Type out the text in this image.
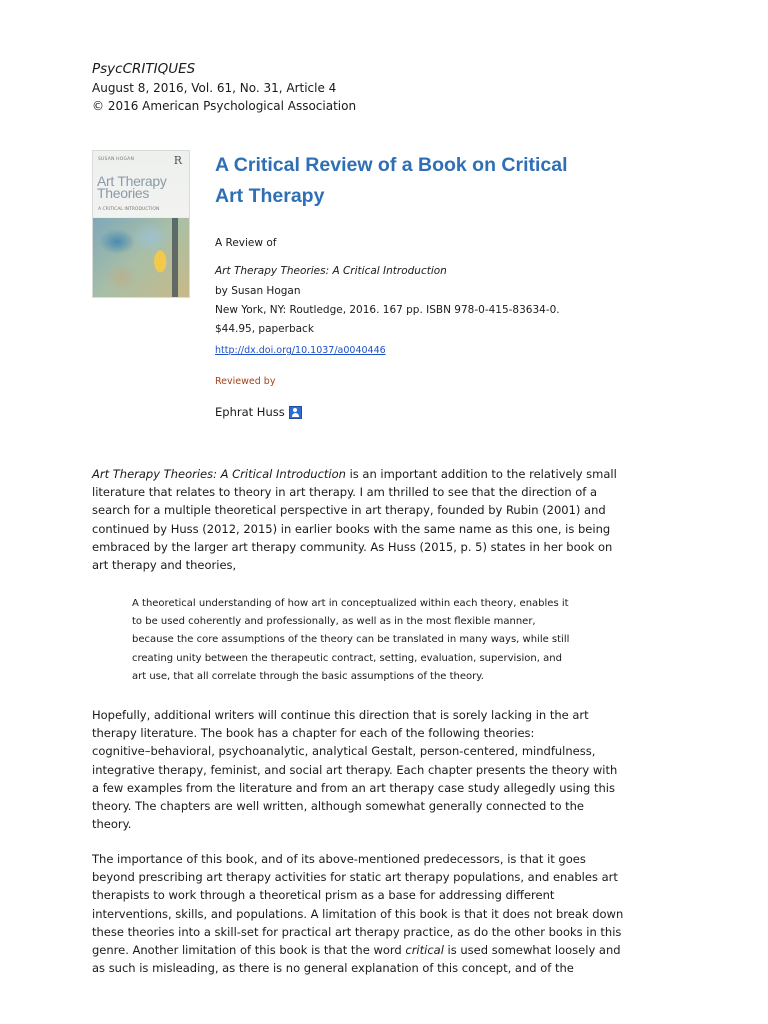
PsycCRITIQUES
August 8, 2016, Vol. 61, No. 31, Article 4
© 2016 American Psychological Association
SUSAN HOGAN	R
Art Therapy
Theories
A CRITICAL INTRODUCTION
A Critical Review of a Book on Critical
Art Therapy
A Review of
Art Therapy Theories: A Critical Introduction
by Susan Hogan
New York, NY: Routledge, 2016. 167 pp. ISBN 978-0-415-83634-0.
$44.95, paperback
http://dx.doi.org/10.1037/a0040446
Reviewed by
Ephrat Huss
Art Therapy Theories: A Critical Introduction is an important addition to the relatively small
literature that relates to theory in art therapy. I am thrilled to see that the direction of a
search for a multiple theoretical perspective in art therapy, founded by Rubin (2001) and
continued by Huss (2012, 2015) in earlier books with the same name as this one, is being
embraced by the larger art therapy community. As Huss (2015, p. 5) states in her book on
art therapy and theories,
A theoretical understanding of how art in conceptualized within each theory, enables it
to be used coherently and professionally, as well as in the most flexible manner,
because the core assumptions of the theory can be translated in many ways, while still
creating unity between the therapeutic contract, setting, evaluation, supervision, and
art use, that all correlate through the basic assumptions of the theory.
Hopefully, additional writers will continue this direction that is sorely lacking in the art
therapy literature. The book has a chapter for each of the following theories:
cognitive–behavioral, psychoanalytic, analytical Gestalt, person-centered, mindfulness,
integrative therapy, feminist, and social art therapy. Each chapter presents the theory with
a few examples from the literature and from an art therapy case study allegedly using this
theory. The chapters are well written, although somewhat generally connected to the
theory.
The importance of this book, and of its above-mentioned predecessors, is that it goes
beyond prescribing art therapy activities for static art therapy populations, and enables art
therapists to work through a theoretical prism as a base for addressing different
interventions, skills, and populations. A limitation of this book is that it does not break down
these theories into a skill-set for practical art therapy practice, as do the other books in this
genre. Another limitation of this book is that the word critical is used somewhat loosely and
as such is misleading, as there is no general explanation of this concept, and of the
